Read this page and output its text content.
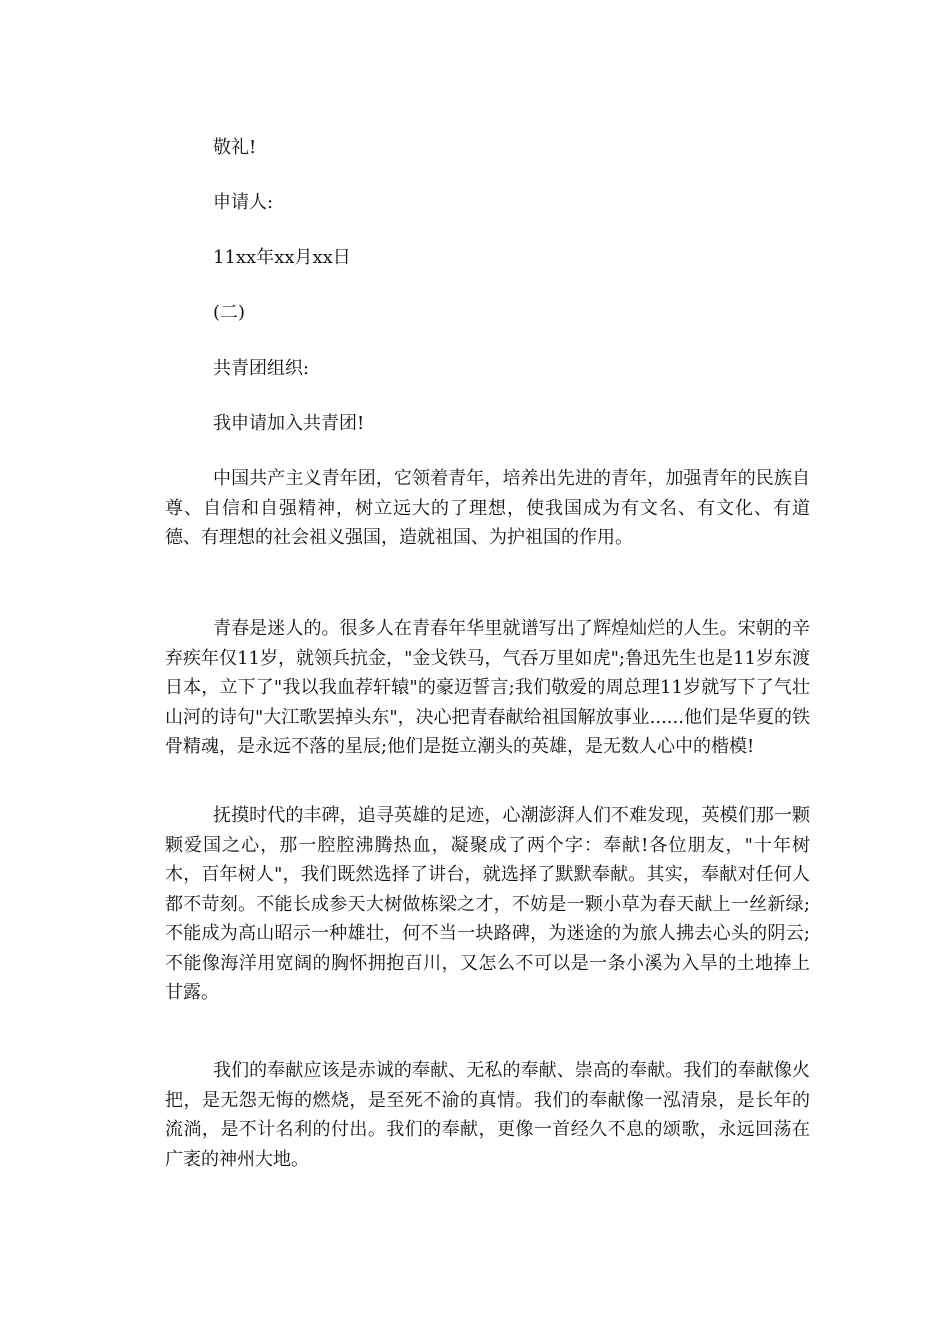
敬礼!

申请人:

11xx年xx月xx日

(二)

共青团组织:

我申请加入共青团!

中国共产主义青年团，它领着青年，培养出先进的青年，加强青年的民族自尊、自信和自强精神，树立远大的了理想，使我国成为有文名、有文化、有道德、有理想的社会祖义强国，造就祖国、为护祖国的作用。

青春是迷人的。很多人在青春年华里就谱写出了辉煌灿烂的人生。宋朝的辛弃疾年仅11岁，就领兵抗金，"金戈铁马，气吞万里如虎";鲁迅先生也是11岁东渡日本，立下了"我以我血荐轩辕"的豪迈誓言;我们敬爱的周总理11岁就写下了气壮山河的诗句"大江歌罢掉头东"，决心把青春献给祖国解放事业......他们是华夏的铁骨精魂，是永远不落的星辰;他们是挺立潮头的英雄，是无数人心中的楷模!

抚摸时代的丰碑，追寻英雄的足迹，心潮澎湃人们不难发现，英模们那一颗颗爱国之心，那一腔腔沸腾热血，凝聚成了两个字：奉献!各位朋友，"十年树木，百年树人"，我们既然选择了讲台，就选择了默默奉献。其实，奉献对任何人都不苛刻。不能长成参天大树做栋梁之才，不妨是一颗小草为春天献上一丝新绿;不能成为高山昭示一种雄壮，何不当一块路碑，为迷途的为旅人拂去心头的阴云;不能像海洋用宽阔的胸怀拥抱百川，又怎么不可以是一条小溪为入旱的土地捧上甘露。

我们的奉献应该是赤诚的奉献、无私的奉献、崇高的奉献。我们的奉献像火把，是无怨无悔的燃烧，是至死不渝的真情。我们的奉献像一泓清泉，是长年的流淌，是不计名利的付出。我们的奉献，更像一首经久不息的颂歌，永远回荡在广袤的神州大地。
